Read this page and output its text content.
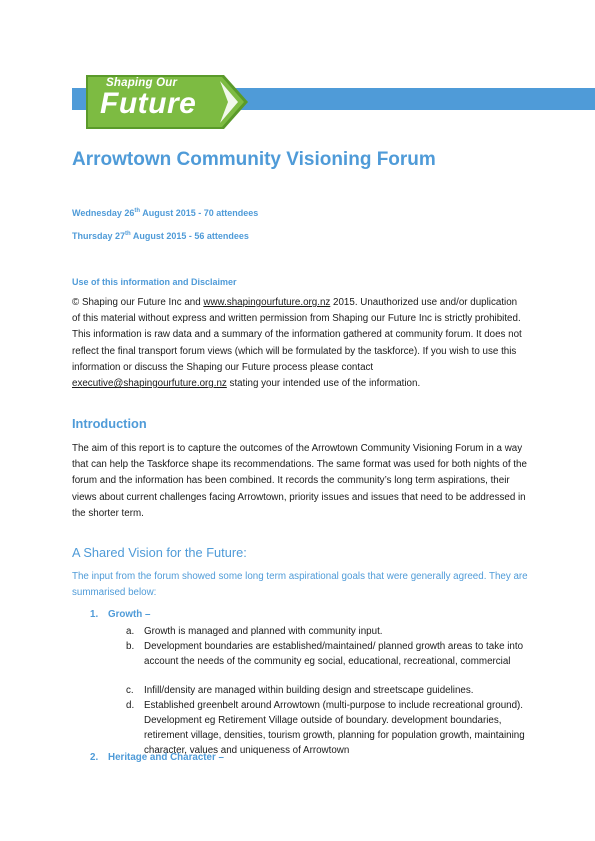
Shaping Our
Future
Arrowtown Community Visioning Forum
Wednesday 26th August 2015 - 70 attendees
Thursday 27th August 2015 - 56 attendees
Use of this information and Disclaimer

© Shaping our Future Inc and www.shapingourfuture.org.nz 2015. Unauthorized use and/or duplication of this material without express and written permission from Shaping our Future Inc is strictly prohibited. This information is raw data and a summary of the information gathered at community forum. It does not reflect the final transport forum views (which will be formulated by the taskforce). If you wish to use this information or discuss the Shaping our Future process please contact executive@shapingourfuture.org.nz stating your intended use of the information.

Introduction

The aim of this report is to capture the outcomes of the Arrowtown Community Visioning Forum in a way that can help the Taskforce shape its recommendations. The same format was used for both nights of the forum and the information has been combined. It records the community’s long term aspirations, their views about current challenges facing Arrowtown, priority issues and issues that need to be addressed in the shorter term.

A Shared Vision for the Future:

The input from the forum showed some long term aspirational goals that were generally agreed. They are summarised below:

1. Growth –
a. Growth is managed and planned with community input.
b. Development boundaries are established/maintained/ planned growth areas to take into account the needs of the community eg social, educational, recreational, commercial
c. Infill/density are managed within building design and streetscape guidelines.
d. Established greenbelt around Arrowtown (multi-purpose to include recreational ground). Development eg Retirement Village outside of boundary. development boundaries, retirement village, densities, tourism growth, planning for population growth, maintaining character, values and uniqueness of Arrowtown
2. Heritage and Character –
